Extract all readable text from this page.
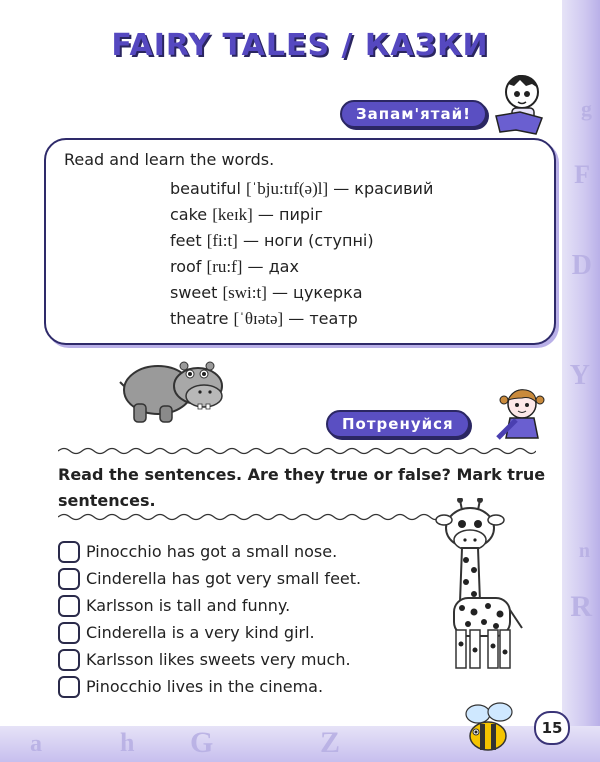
g
F
D
Y
n
R
a	h G	Z
FAIRY TALES / КАЗКИ
Запам'ятай!
Read and learn the words.
beautiful [ˈbju:tɪf(ə)l] — красивий
cake [keɪk] — пиріг
feet [fi:t] — ноги (ступні)
roof [ru:f] — дах
sweet [swi:t] — цукерка
theatre [ˈθɪətə] — театр
Потренуйся
Read the sentences. Are they true or false? Mark true
sentences.
Pinocchio has got a small nose.
Cinderella has got very small feet.
Karlsson is tall and funny.
Cinderella is a very kind girl.
Karlsson likes sweets very much.
Pinocchio lives in the cinema.
15
